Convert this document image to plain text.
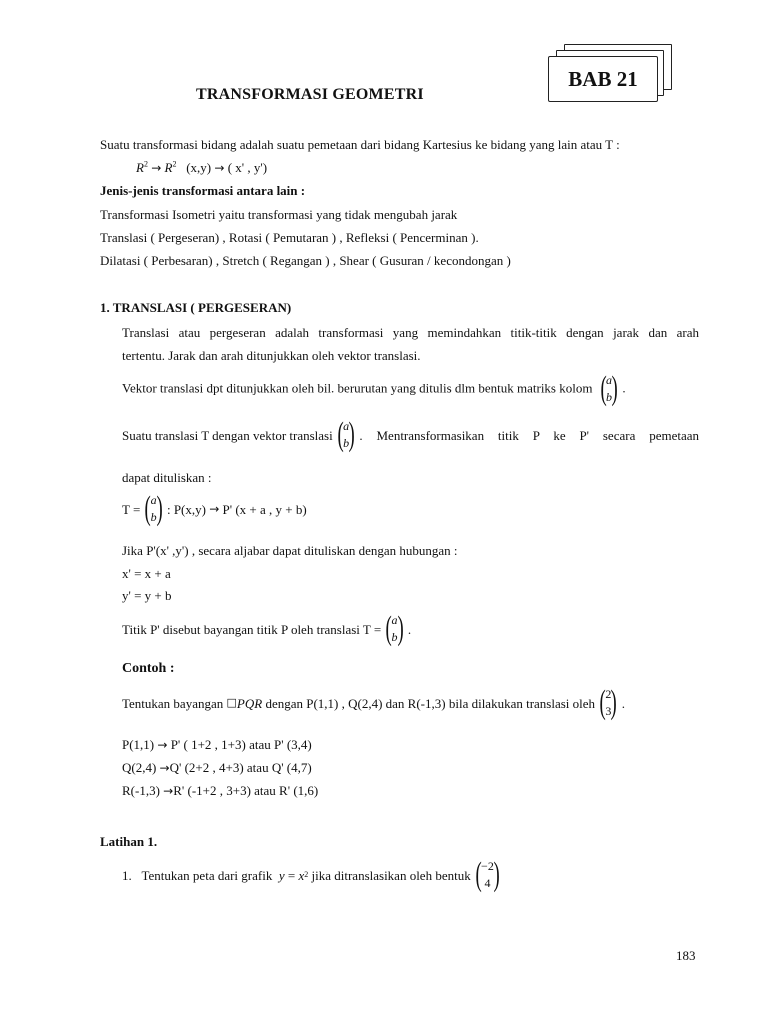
TRANSFORMASI GEOMETRI
BAB 21
Suatu transformasi bidang adalah suatu pemetaan dari bidang Kartesius ke bidang yang lain atau T :
$R^2 \to R^2$ (x,y) → ( x' , y')
Jenis-jenis transformasi antara lain :
Transformasi Isometri yaitu transformasi yang tidak mengubah jarak
Translasi ( Pergeseran) , Rotasi ( Pemutaran ) , Refleksi ( Pencerminan ).
Dilatasi ( Perbesaran) , Stretch ( Regangan ) , Shear ( Gusuran / kecondongan )
1. TRANSLASI ( PERGESERAN)
Translasi atau pergeseran adalah transformasi yang memindahkan titik-titik dengan jarak dan arah
tertentu. Jarak dan arah ditunjukkan oleh vektor translasi.
Vektor translasi dpt ditunjukkan oleh bil. berurutan yang ditulis dlm bentuk matriks kolom ( a
b ) .
Suatu translasi T dengan vektor translasi ( a
b ) . Mentransformasikan titik P ke P' secara pemetaan
dapat dituliskan :
T = ( a
b ) : P(x,y)
→
P' (x + a , y + b)
Jika P'(x' ,y') , secara aljabar dapat dituliskan dengan hubungan :
x' = x + a
y' = y + b
Titik P' disebut bayangan titik P oleh translasi T = ( a
b ) .
Contoh :
Tentukan bayangan
□ PQR
dengan P(1,1) , Q(2,4) dan R(-1,3) bila dilakukan translasi oleh ( 2
3 ) .
P(1,1) → P' ( 1+2 , 1+3) atau P' (3,4)
Q(2,4) →Q' (2+2 , 4+3) atau Q' (4,7)
R(-1,3) →R' (-1+2 , 3+3) atau R' (1,6)
Latihan 1.
1.
Tentukan peta dari grafik
y = x 2
jika ditranslasikan oleh bentuk ( −2
4 )
183
